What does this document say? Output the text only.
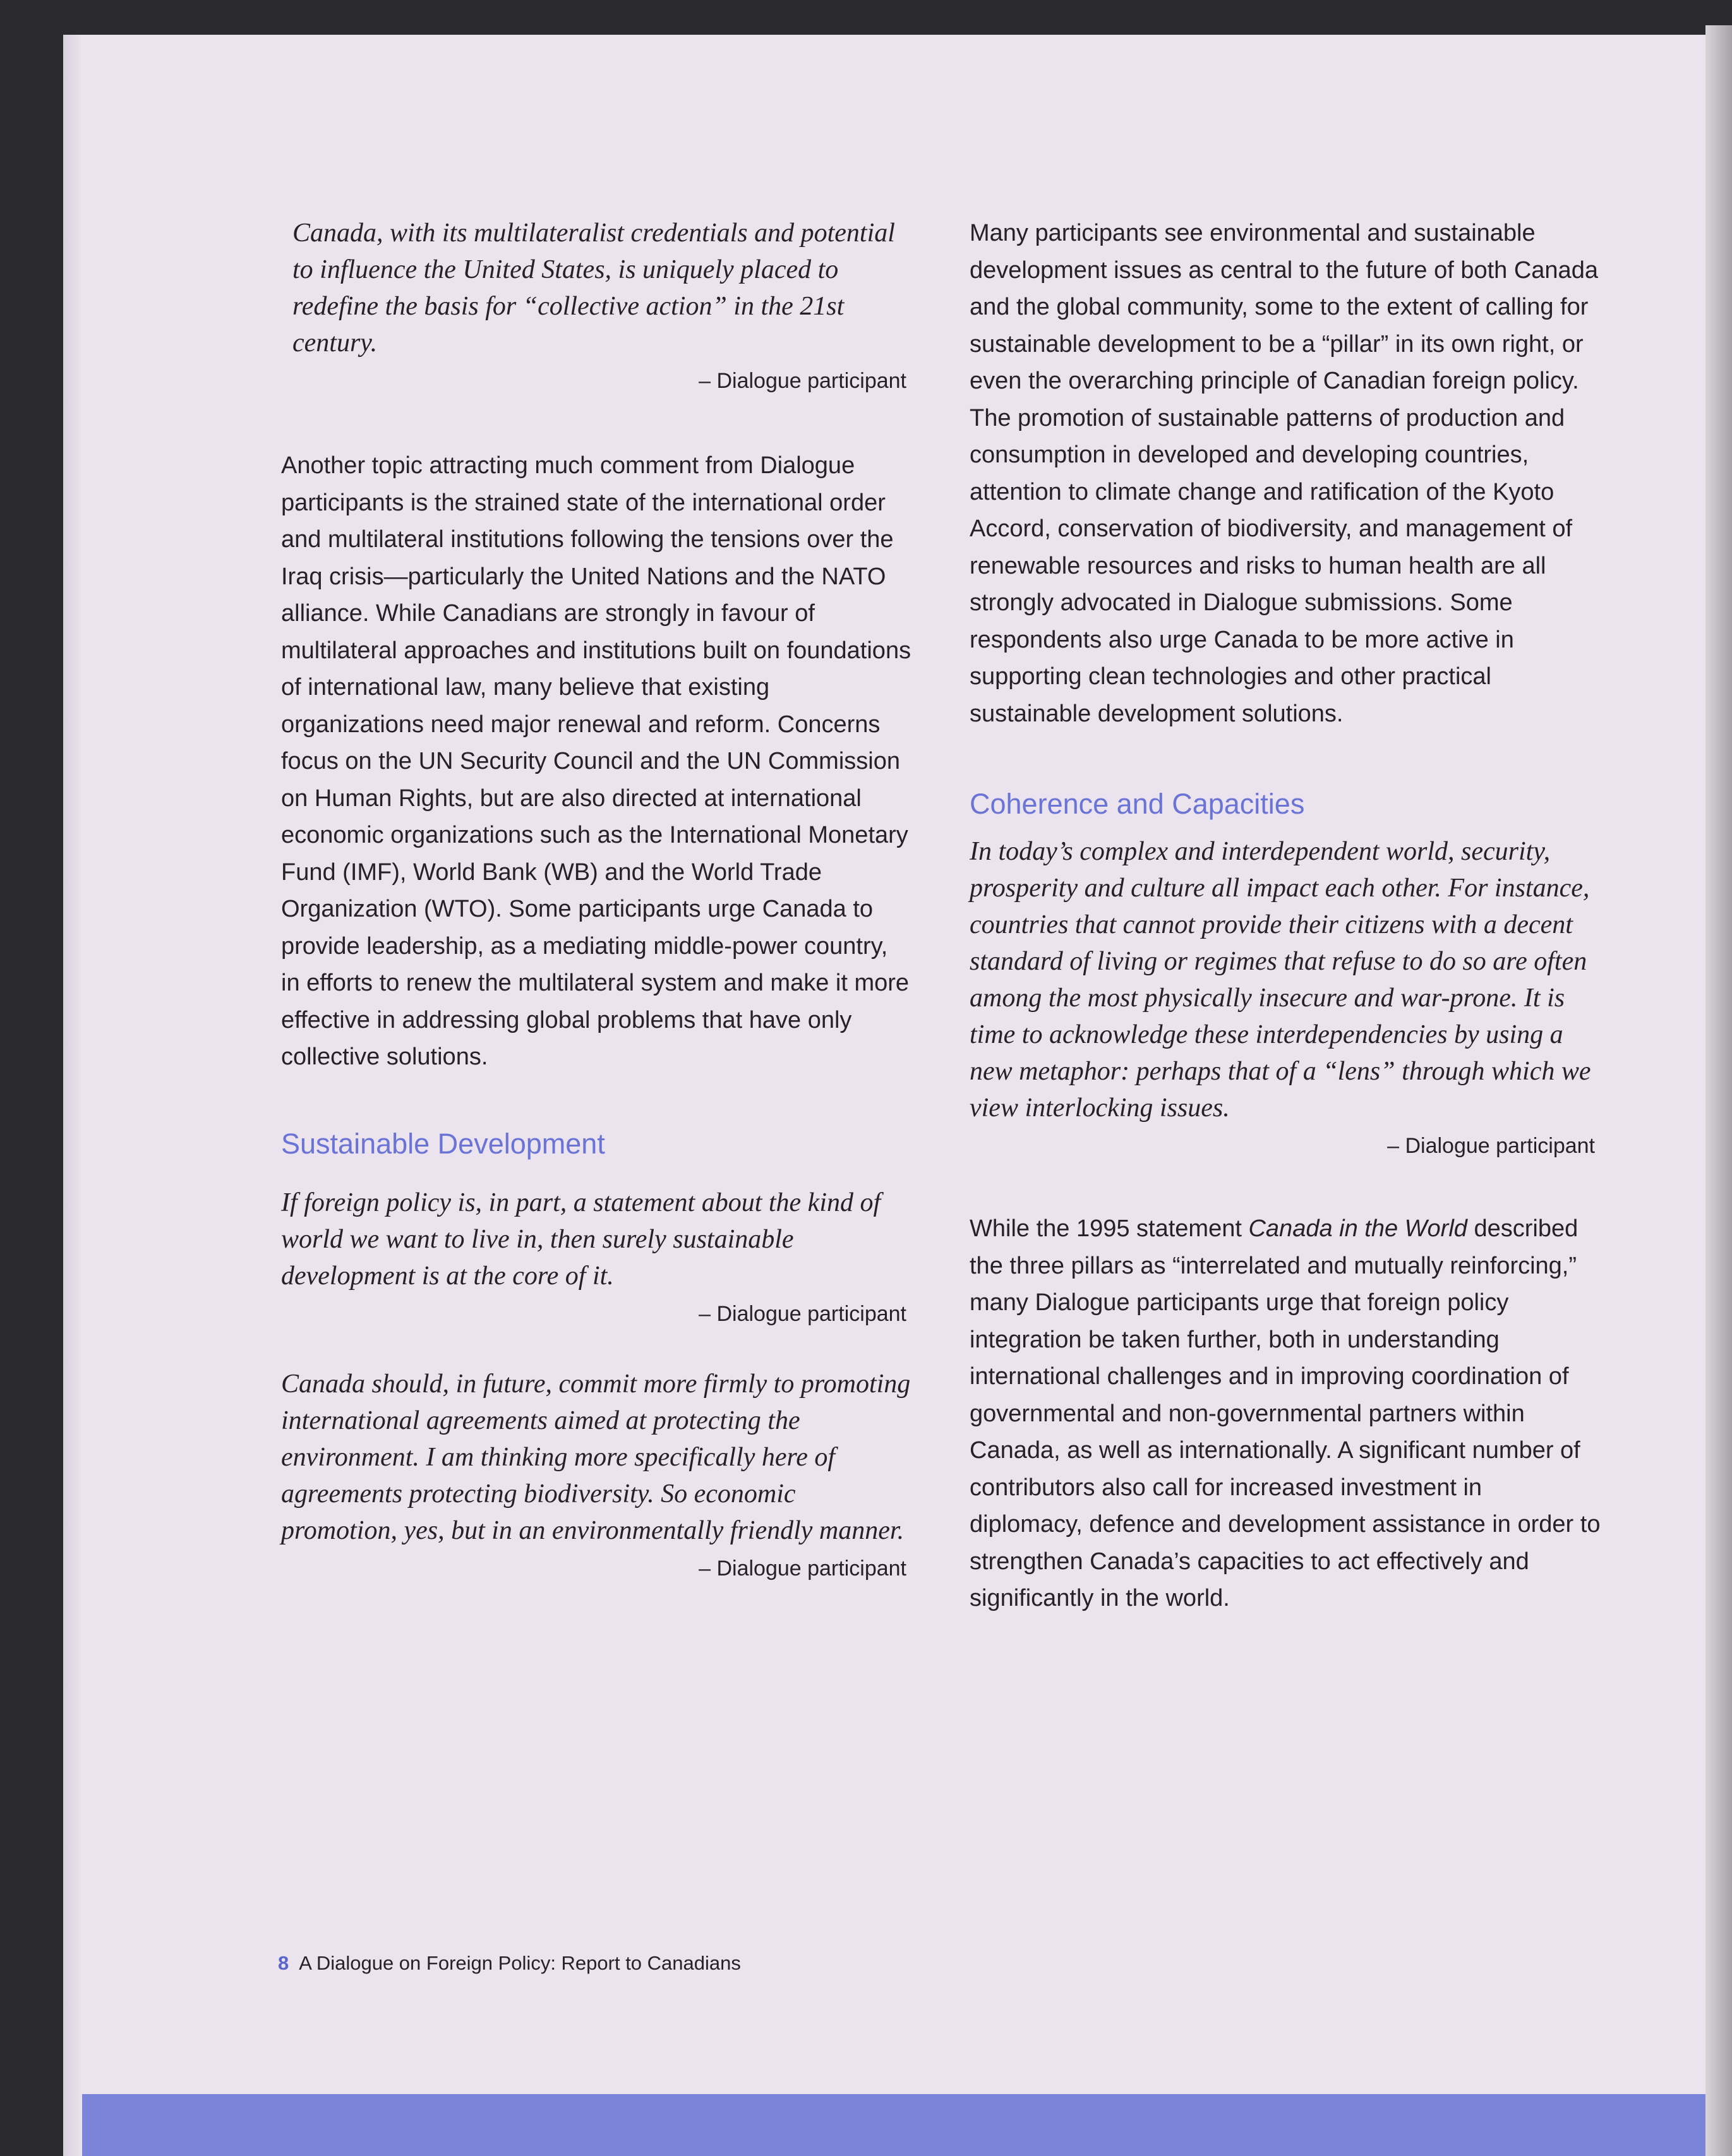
Canada, with its multilateralist credentials and potential to influence the United States, is uniquely placed to redefine the basis for “collective action” in the 21st century.

– Dialogue participant

Another topic attracting much comment from Dialogue participants is the strained state of the international order and multilateral institutions following the tensions over the Iraq crisis—particularly the United Nations and the NATO alliance. While Canadians are strongly in favour of multilateral approaches and institutions built on foundations of international law, many believe that existing organizations need major renewal and reform. Concerns focus on the UN Security Council and the UN Commission on Human Rights, but are also directed at international economic organizations such as the International Monetary Fund (IMF), World Bank (WB) and the World Trade Organization (WTO). Some participants urge Canada to provide leadership, as a mediating middle-power country, in efforts to renew the multilateral system and make it more effective in addressing global problems that have only collective solutions.

Sustainable Development

If foreign policy is, in part, a statement about the kind of world we want to live in, then surely sustainable development is at the core of it.

– Dialogue participant

Canada should, in future, commit more firmly to promoting international agreements aimed at protecting the environment. I am thinking more specifically here of agreements protecting biodiversity. So economic promotion, yes, but in an environmentally friendly manner.

– Dialogue participant

Many participants see environmental and sustainable development issues as central to the future of both Canada and the global community, some to the extent of calling for sustainable development to be a “pillar” in its own right, or even the overarching principle of Canadian foreign policy. The promotion of sustainable patterns of production and consumption in developed and developing countries, attention to climate change and ratification of the Kyoto Accord, conservation of biodiversity, and management of renewable resources and risks to human health are all strongly advocated in Dialogue submissions. Some respondents also urge Canada to be more active in supporting clean technologies and other practical sustainable development solutions.

Coherence and Capacities

In today’s complex and interdependent world, security, prosperity and culture all impact each other. For instance, countries that cannot provide their citizens with a decent standard of living or regimes that refuse to do so are often among the most physically insecure and war-prone. It is time to acknowledge these interdependencies by using a new metaphor: perhaps that of a “lens” through which we view interlocking issues.

– Dialogue participant

While the 1995 statement Canada in the World described the three pillars as “interrelated and mutually reinforcing,” many Dialogue participants urge that foreign policy integration be taken further, both in understanding international challenges and in improving coordination of governmental and non-governmental partners within Canada, as well as internationally. A significant number of contributors also call for increased investment in diplomacy, defence and development assistance in order to strengthen Canada’s capacities to act effectively and significantly in the world.

8 A Dialogue on Foreign Policy: Report to Canadians
